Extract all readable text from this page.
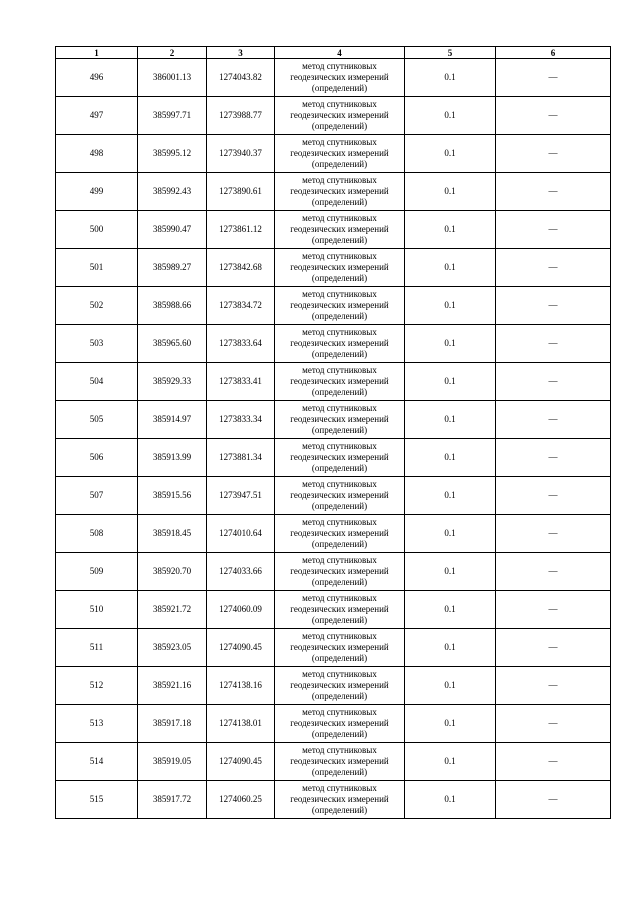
1	2	3	4	5	6
496	386001.13	1274043.82	метод спутниковых геодезических измерений (определений)	0.1	—
497	385997.71	1273988.77	метод спутниковых геодезических измерений (определений)	0.1	—
498	385995.12	1273940.37	метод спутниковых геодезических измерений (определений)	0.1	—
499	385992.43	1273890.61	метод спутниковых геодезических измерений (определений)	0.1	—
500	385990.47	1273861.12	метод спутниковых геодезических измерений (определений)	0.1	—
501	385989.27	1273842.68	метод спутниковых геодезических измерений (определений)	0.1	—
502	385988.66	1273834.72	метод спутниковых геодезических измерений (определений)	0.1	—
503	385965.60	1273833.64	метод спутниковых геодезических измерений (определений)	0.1	—
504	385929.33	1273833.41	метод спутниковых геодезических измерений (определений)	0.1	—
505	385914.97	1273833.34	метод спутниковых геодезических измерений (определений)	0.1	—
506	385913.99	1273881.34	метод спутниковых геодезических измерений (определений)	0.1	—
507	385915.56	1273947.51	метод спутниковых геодезических измерений (определений)	0.1	—
508	385918.45	1274010.64	метод спутниковых геодезических измерений (определений)	0.1	—
509	385920.70	1274033.66	метод спутниковых геодезических измерений (определений)	0.1	—
510	385921.72	1274060.09	метод спутниковых геодезических измерений (определений)	0.1	—
511	385923.05	1274090.45	метод спутниковых геодезических измерений (определений)	0.1	—
512	385921.16	1274138.16	метод спутниковых геодезических измерений (определений)	0.1	—
513	385917.18	1274138.01	метод спутниковых геодезических измерений (определений)	0.1	—
514	385919.05	1274090.45	метод спутниковых геодезических измерений (определений)	0.1	—
515	385917.72	1274060.25	метод спутниковых геодезических измерений (определений)	0.1	—
